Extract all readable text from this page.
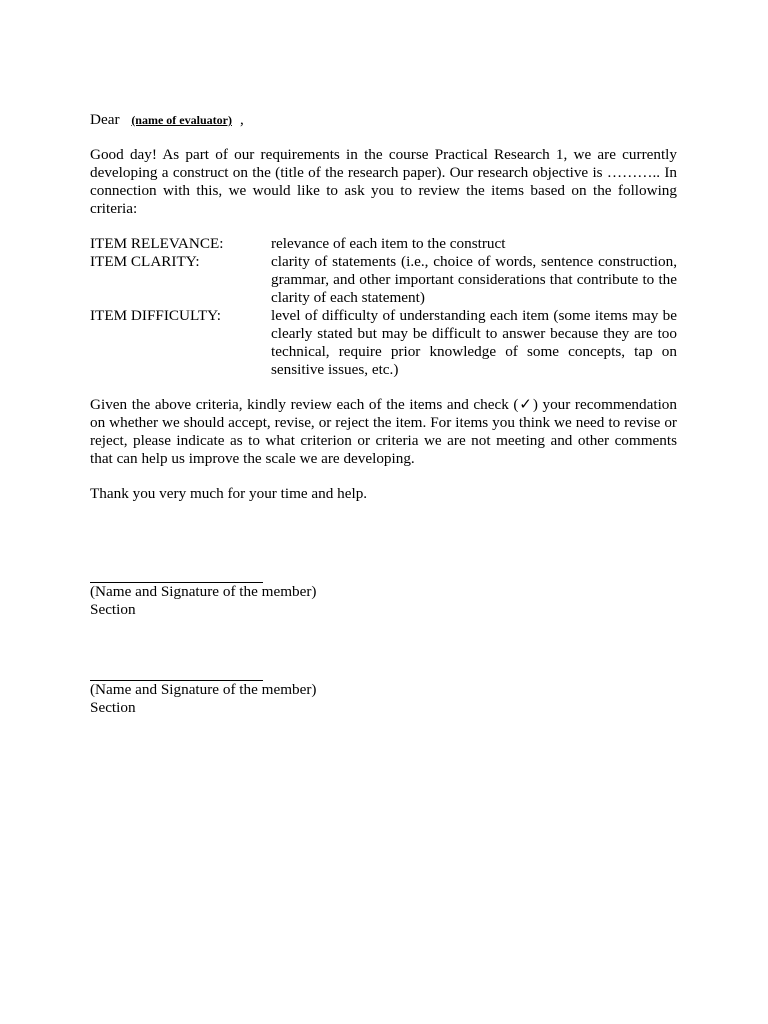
Dear (name of evaluator) ,

Good day! As part of our requirements in the course Practical Research 1, we are currently developing a construct on the (title of the research paper). Our research objective is ……….. In connection with this, we would like to ask you to review the items based on the following criteria:

ITEM RELEVANCE:	relevance of each item to the construct
ITEM CLARITY:	clarity of statements (i.e., choice of words, sentence construction, grammar, and other important considerations that contribute to the clarity of each statement)
ITEM DIFFICULTY:	level of difficulty of understanding each item (some items may be clearly stated but may be difficult to answer because they are too technical, require prior knowledge of some concepts, tap on sensitive issues, etc.)

Given the above criteria, kindly review each of the items and check (✓) your recommendation on whether we should accept, revise, or reject the item. For items you think we need to revise or reject, please indicate as to what criterion or criteria we are not meeting and other comments that can help us improve the scale we are developing.

Thank you very much for your time and help.

(Name and Signature of the member)
Section
(Name and Signature of the member)
Section
